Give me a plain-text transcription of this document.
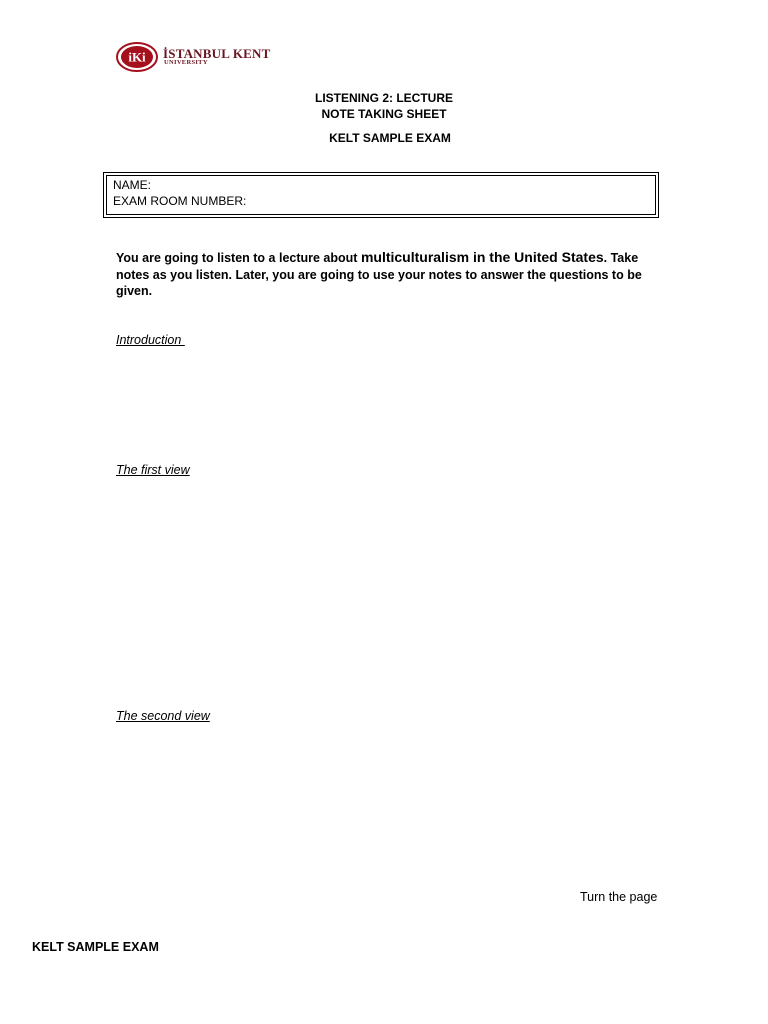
iKi İSTANBUL KENT
UNIVERSITY
LISTENING 2: LECTURE
NOTE TAKING SHEET
KELT SAMPLE EXAM
NAME:
EXAM ROOM NUMBER:
You are going to listen to a lecture about multiculturalism in the United States. Take notes as you listen. Later, you are going to use your notes to answer the questions to be given.
Introduction
The first view
The second view
Turn the page
KELT SAMPLE EXAM
